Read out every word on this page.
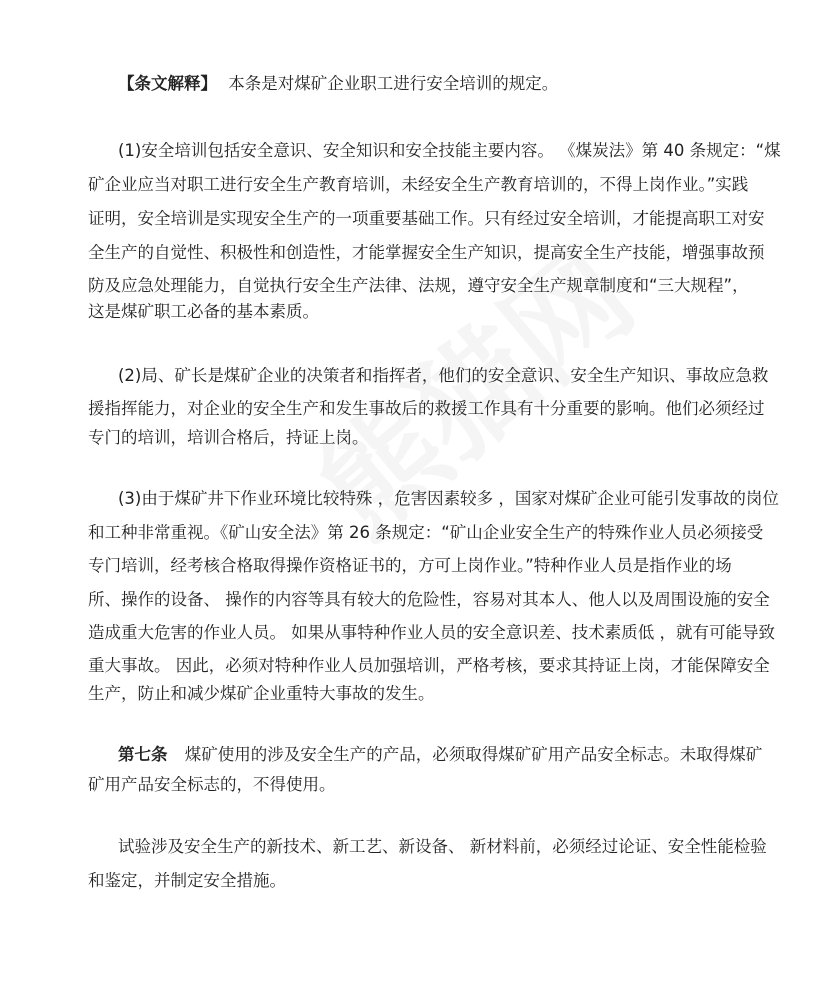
【条文解释】 本条是对煤矿企业职工进行安全培训的规定。
(1)安全培训包括安全意识、安全知识和安全技能主要内容。 《煤炭法》第 40 条规定：“煤
矿企业应当对职工进行安全生产教育培训，未经安全生产教育培训的，不得上岗作业。”实践
证明，安全培训是实现安全生产的一项重要基础工作。只有经过安全培训，才能提高职工对安
全生产的自觉性、积极性和创造性，才能掌握安全生产知识，提高安全生产技能，增强事故预
防及应急处理能力，自觉执行安全生产法律、法规，遵守安全生产规章制度和“三大规程”，
这是煤矿职工必备的基本素质。
(2)局、矿长是煤矿企业的决策者和指挥者，他们的安全意识、安全生产知识、事故应急救
援指挥能力，对企业的安全生产和发生事故后的救援工作具有十分重要的影响。他们必须经过
专门的培训，培训合格后，持证上岗。
(3)由于煤矿井下作业环境比较特殊 ，危害因素较多 ，国家对煤矿企业可能引发事故的岗位
和工种非常重视。《矿山安全法》第 26 条规定：“矿山企业安全生产的特殊作业人员必须接受
专门培训，经考核合格取得操作资格证书的，方可上岗作业。”特种作业人员是指作业的场
所、操作的设备、 操作的内容等具有较大的危险性，容易对其本人、他人以及周围设施的安全
造成重大危害的作业人员。 如果从事特种作业人员的安全意识差、技术素质低 ，就有可能导致
重大事故。 因此，必须对特种作业人员加强培训，严格考核，要求其持证上岗，才能保障安全
生产，防止和减少煤矿企业重特大事故的发生。
第七条 煤矿使用的涉及安全生产的产品，必须取得煤矿矿用产品安全标志。未取得煤矿
矿用产品安全标志的，不得使用。
试验涉及安全生产的新技术、新工艺、新设备、 新材料前，必须经过论证、安全性能检验
和鉴定，并制定安全措施。
